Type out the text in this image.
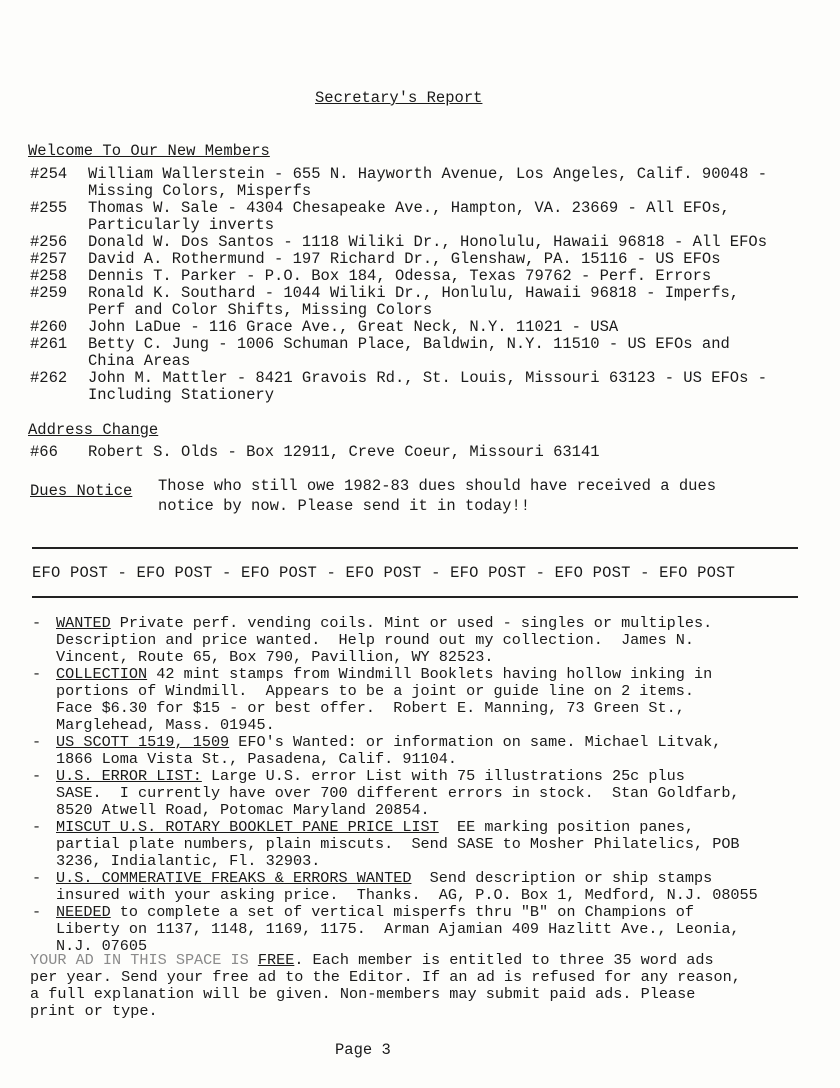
Secretary's Report
Welcome To Our New Members
#254 William Wallerstein - 655 N. Hayworth Avenue, Los Angeles, Calif. 90048 -
Missing Colors, Misperfs
#255 Thomas W. Sale - 4304 Chesapeake Ave., Hampton, VA. 23669 - All EFOs,
Particularly inverts
#256 Donald W. Dos Santos - 1118 Wiliki Dr., Honolulu, Hawaii 96818 - All EFOs
#257 David A. Rothermund - 197 Richard Dr., Glenshaw, PA. 15116 - US EFOs
#258 Dennis T. Parker - P.O. Box 184, Odessa, Texas 79762 - Perf. Errors
#259 Ronald K. Southard - 1044 Wiliki Dr., Honlulu, Hawaii 96818 - Imperfs,
Perf and Color Shifts, Missing Colors
#260 John LaDue - 116 Grace Ave., Great Neck, N.Y. 11021 - USA
#261 Betty C. Jung - 1006 Schuman Place, Baldwin, N.Y. 11510 - US EFOs and
China Areas
#262 John M. Mattler - 8421 Gravois Rd., St. Louis, Missouri 63123 - US EFOs -
Including Stationery
Address Change
#66 Robert S. Olds - Box 12911, Creve Coeur, Missouri 63141
Dues Notice Those who still owe 1982-83 dues should have received a dues
notice by now. Please send it in today!!
EFO POST - EFO POST - EFO POST - EFO POST - EFO POST - EFO POST - EFO POST
- WANTED Private perf. vending coils. Mint or used - singles or multiples.
Description and price wanted.  Help round out my collection.  James N.
Vincent, Route 65, Box 790, Pavillion, WY 82523.
- COLLECTION 42 mint stamps from Windmill Booklets having hollow inking in
portions of Windmill.  Appears to be a joint or guide line on 2 items.
Face $6.30 for $15 - or best offer.  Robert E. Manning, 73 Green St.,
Marglehead, Mass. 01945.
- US SCOTT 1519, 1509 EFO's Wanted: or information on same. Michael Litvak,
1866 Loma Vista St., Pasadena, Calif. 91104.
- U.S. ERROR LIST: Large U.S. error List with 75 illustrations 25c plus
SASE.  I currently have over 700 different errors in stock.  Stan Goldfarb,
8520 Atwell Road, Potomac Maryland 20854.
- MISCUT U.S. ROTARY BOOKLET PANE PRICE LIST  EE marking position panes,
partial plate numbers, plain miscuts.  Send SASE to Mosher Philatelics, POB
3236, Indialantic, Fl. 32903.
- U.S. COMMERATIVE FREAKS & ERRORS WANTED  Send description or ship stamps
insured with your asking price.  Thanks.  AG, P.O. Box 1, Medford, N.J. 08055
- NEEDED to complete a set of vertical misperfs thru "B" on Champions of
Liberty on 1137, 1148, 1169, 1175.  Arman Ajamian 409 Hazlitt Ave., Leonia,
N.J. 07605
YOUR AD IN THIS SPACE IS FREE. Each member is entitled to three 35 word ads
per year. Send your free ad to the Editor. If an ad is refused for any reason,
a full explanation will be given. Non-members may submit paid ads. Please
print or type.
Page 3
